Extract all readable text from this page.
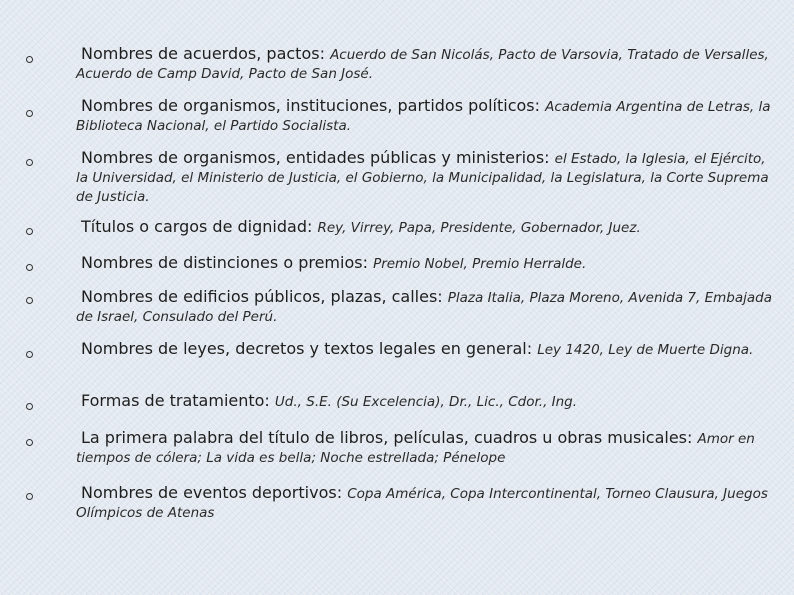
Nombres de acuerdos, pactos: Acuerdo de San Nicolás, Pacto de Varsovia, Tratado de Versalles, Acuerdo de Camp David, Pacto de San José.
Nombres de organismos, instituciones, partidos políticos: Academia Argentina de Letras, la Biblioteca Nacional, el Partido Socialista.
Nombres de organismos, entidades públicas y ministerios: el Estado, la Iglesia, el Ejército, la Universidad, el Ministerio de Justicia, el Gobierno, la Municipalidad, la Legislatura, la Corte Suprema de Justicia.
Títulos o cargos de dignidad: Rey, Virrey, Papa, Presidente, Gobernador, Juez.
Nombres de distinciones o premios: Premio Nobel, Premio Herralde.
Nombres de edificios públicos, plazas, calles: Plaza Italia, Plaza Moreno, Avenida 7, Embajada de Israel, Consulado del Perú.
Nombres de leyes, decretos y textos legales en general: Ley 1420, Ley de Muerte Digna.
Formas de tratamiento: Ud., S.E. (Su Excelencia), Dr., Lic., Cdor., Ing.
La primera palabra del título de libros, películas, cuadros u obras musicales: Amor en tiempos de cólera; La vida es bella; Noche estrellada; Pénelope
Nombres de eventos deportivos: Copa América, Copa Intercontinental, Torneo Clausura, Juegos Olímpicos de Atenas
